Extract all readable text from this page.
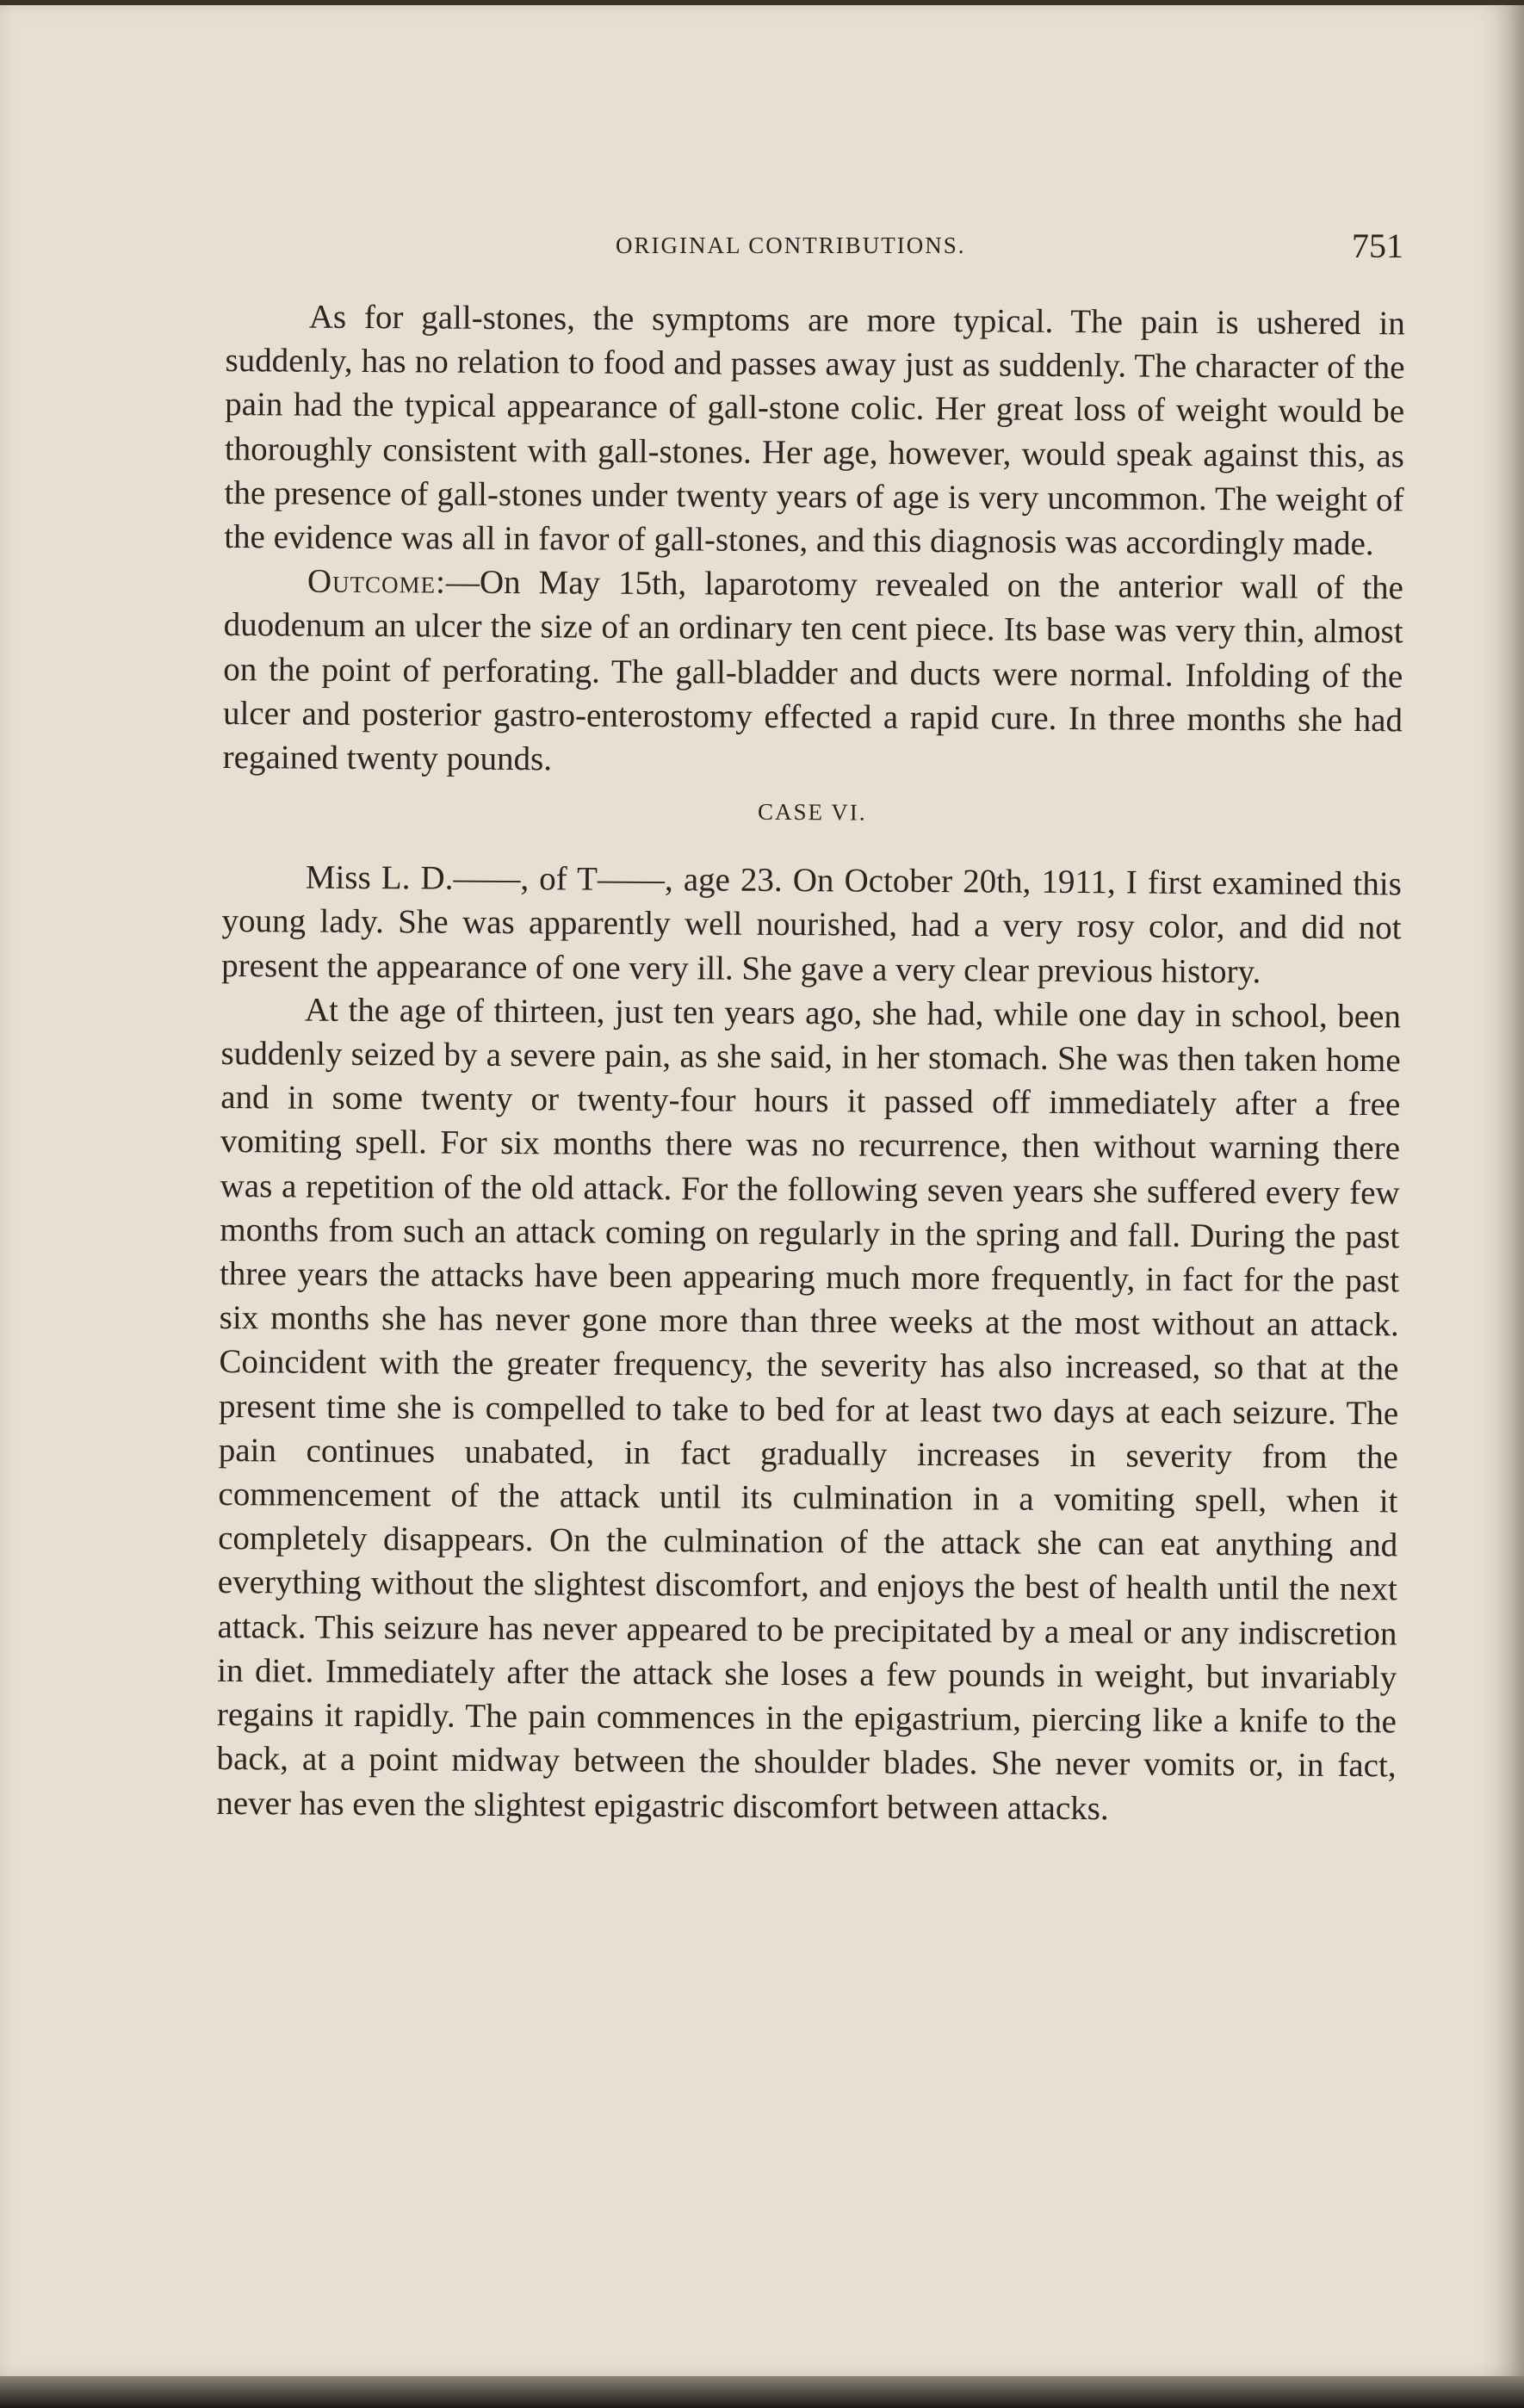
ORIGINAL CONTRIBUTIONS.	751

As for gall-stones, the symptoms are more typical. The pain is ushered in suddenly, has no relation to food and passes away just as suddenly. The character of the pain had the typical appearance of gall-stone colic. Her great loss of weight would be thoroughly consistent with gall-stones. Her age, however, would speak against this, as the presence of gall-stones under twenty years of age is very uncommon. The weight of the evidence was all in favor of gall-stones, and this diagnosis was accordingly made.

Outcome:—On May 15th, laparotomy revealed on the anterior wall of the duodenum an ulcer the size of an ordinary ten cent piece. Its base was very thin, almost on the point of perforating. The gall-bladder and ducts were normal. Infolding of the ulcer and posterior gastro-enterostomy effected a rapid cure. In three months she had regained twenty pounds.

CASE VI.

Miss L. D.——, of T——, age 23. On October 20th, 1911, I first examined this young lady. She was apparently well nourished, had a very rosy color, and did not present the appearance of one very ill. She gave a very clear previous history.

At the age of thirteen, just ten years ago, she had, while one day in school, been suddenly seized by a severe pain, as she said, in her stomach. She was then taken home and in some twenty or twenty-four hours it passed off immediately after a free vomiting spell. For six months there was no recurrence, then without warning there was a repetition of the old attack. For the following seven years she suffered every few months from such an attack coming on regularly in the spring and fall. During the past three years the attacks have been appearing much more frequently, in fact for the past six months she has never gone more than three weeks at the most without an attack. Coincident with the greater frequency, the severity has also increased, so that at the present time she is compelled to take to bed for at least two days at each seizure. The pain continues unabated, in fact gradually increases in severity from the commencement of the attack until its culmination in a vomiting spell, when it completely disappears. On the culmination of the attack she can eat anything and everything without the slightest discomfort, and enjoys the best of health until the next attack. This seizure has never appeared to be precipitated by a meal or any indiscretion in diet. Immediately after the attack she loses a few pounds in weight, but invariably regains it rapidly. The pain commences in the epigastrium, piercing like a knife to the back, at a point midway between the shoulder blades. She never vomits or, in fact, never has even the slightest epigastric discomfort between attacks.
